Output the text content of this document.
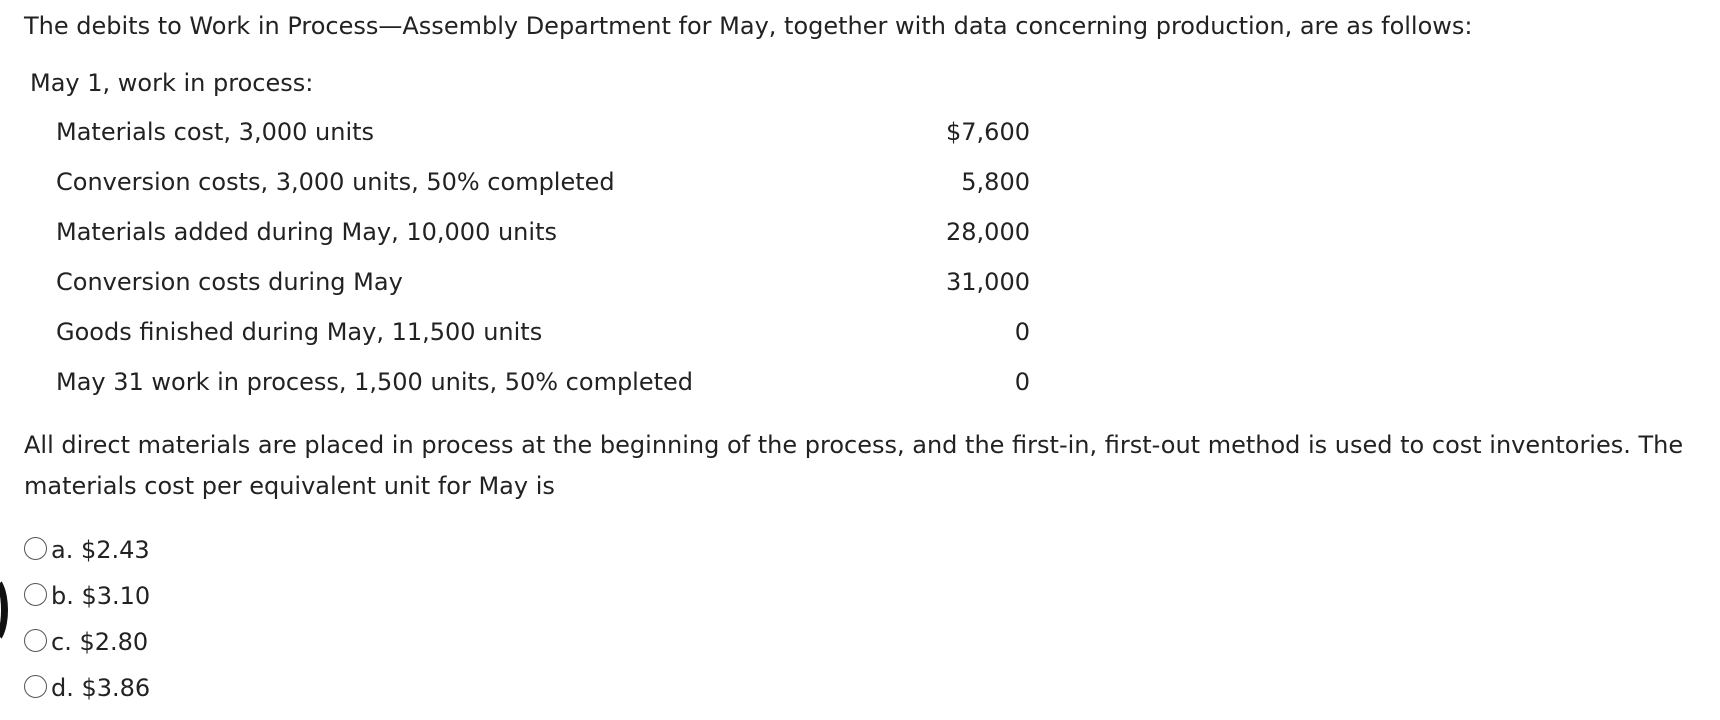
The debits to Work in Process—Assembly Department for May, together with data concerning production, are as follows:
May 1, work in process:	
Materials cost, 3,000 units	$7,600
Conversion costs, 3,000 units, 50% completed	5,800
Materials added during May, 10,000 units	28,000
Conversion costs during May	31,000
Goods finished during May, 11,500 units	0
May 31 work in process, 1,500 units, 50% completed	0
All direct materials are placed in process at the beginning of the process, and the first-in, first-out method is used to cost inventories. The materials cost per equivalent unit for May is
a. $2.43
b. $3.10
c. $2.80
d. $3.86
